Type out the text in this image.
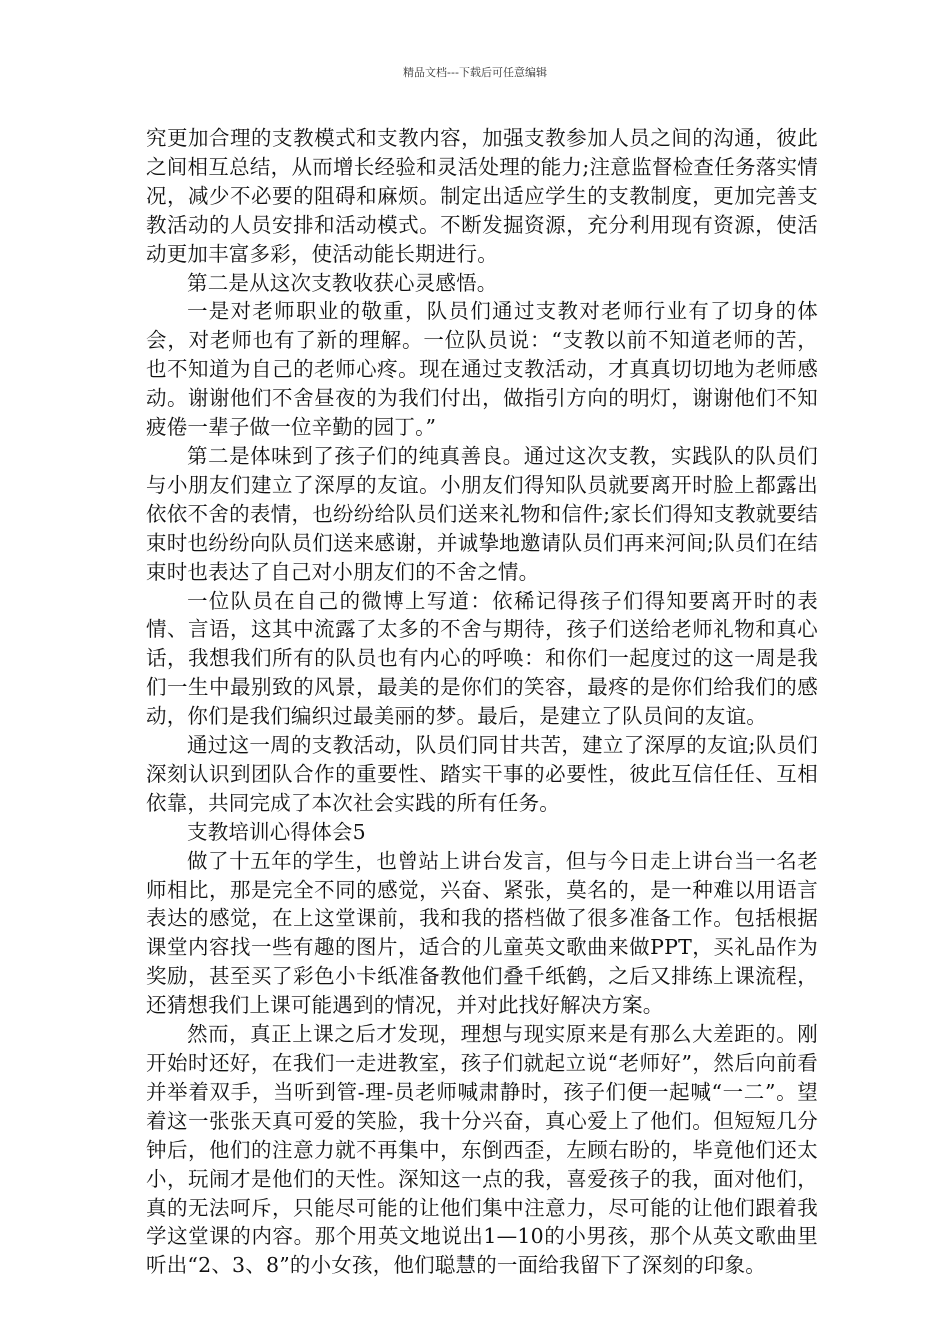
精品文档---下载后可任意编辑

究更加合理的支教模式和支教内容，加强支教参加人员之间的沟通，彼此之间相互总结，从而增长经验和灵活处理的能力;注意监督检查任务落实情况，减少不必要的阻碍和麻烦。制定出适应学生的支教制度，更加完善支教活动的人员安排和活动模式。不断发掘资源，充分利用现有资源，使活动更加丰富多彩，使活动能长期进行。

第二是从这次支教收获心灵感悟。

一是对老师职业的敬重，队员们通过支教对老师行业有了切身的体会，对老师也有了新的理解。一位队员说：“支教以前不知道老师的苦，也不知道为自己的老师心疼。现在通过支教活动，才真真切切地为老师感动。谢谢他们不舍昼夜的为我们付出，做指引方向的明灯，谢谢他们不知疲倦一辈子做一位辛勤的园丁。”

第二是体味到了孩子们的纯真善良。通过这次支教，实践队的队员们与小朋友们建立了深厚的友谊。小朋友们得知队员就要离开时脸上都露出依依不舍的表情，也纷纷给队员们送来礼物和信件;家长们得知支教就要结束时也纷纷向队员们送来感谢，并诚挚地邀请队员们再来河间;队员们在结束时也表达了自己对小朋友们的不舍之情。

一位队员在自己的微博上写道：依稀记得孩子们得知要离开时的表情、言语，这其中流露了太多的不舍与期待，孩子们送给老师礼物和真心话，我想我们所有的队员也有内心的呼唤：和你们一起度过的这一周是我们一生中最别致的风景，最美的是你们的笑容，最疼的是你们给我们的感动，你们是我们编织过最美丽的梦。最后，是建立了队员间的友谊。

通过这一周的支教活动，队员们同甘共苦，建立了深厚的友谊;队员们深刻认识到团队合作的重要性、踏实干事的必要性，彼此互信任任、互相依靠，共同完成了本次社会实践的所有任务。

支教培训心得体会5

做了十五年的学生，也曾站上讲台发言，但与今日走上讲台当一名老师相比，那是完全不同的感觉，兴奋、紧张，莫名的，是一种难以用语言表达的感觉，在上这堂课前，我和我的搭档做了很多准备工作。包括根据课堂内容找一些有趣的图片，适合的儿童英文歌曲来做PPT，买礼品作为奖励，甚至买了彩色小卡纸准备教他们叠千纸鹤，之后又排练上课流程，还猜想我们上课可能遇到的情况，并对此找好解决方案。

然而，真正上课之后才发现，理想与现实原来是有那么大差距的。刚开始时还好，在我们一走进教室，孩子们就起立说“老师好”，然后向前看并举着双手，当听到管-理-员老师喊肃静时，孩子们便一起喊“一二”。望着这一张张天真可爱的笑脸，我十分兴奋，真心爱上了他们。但短短几分钟后，他们的注意力就不再集中，东倒西歪，左顾右盼的，毕竟他们还太小，玩闹才是他们的天性。深知这一点的我，喜爱孩子的我，面对他们，真的无法呵斥，只能尽可能的让他们集中注意力，尽可能的让他们跟着我学这堂课的内容。那个用英文地说出1—10的小男孩，那个从英文歌曲里听出“2、3、8”的小女孩，他们聪慧的一面给我留下了深刻的印象。
